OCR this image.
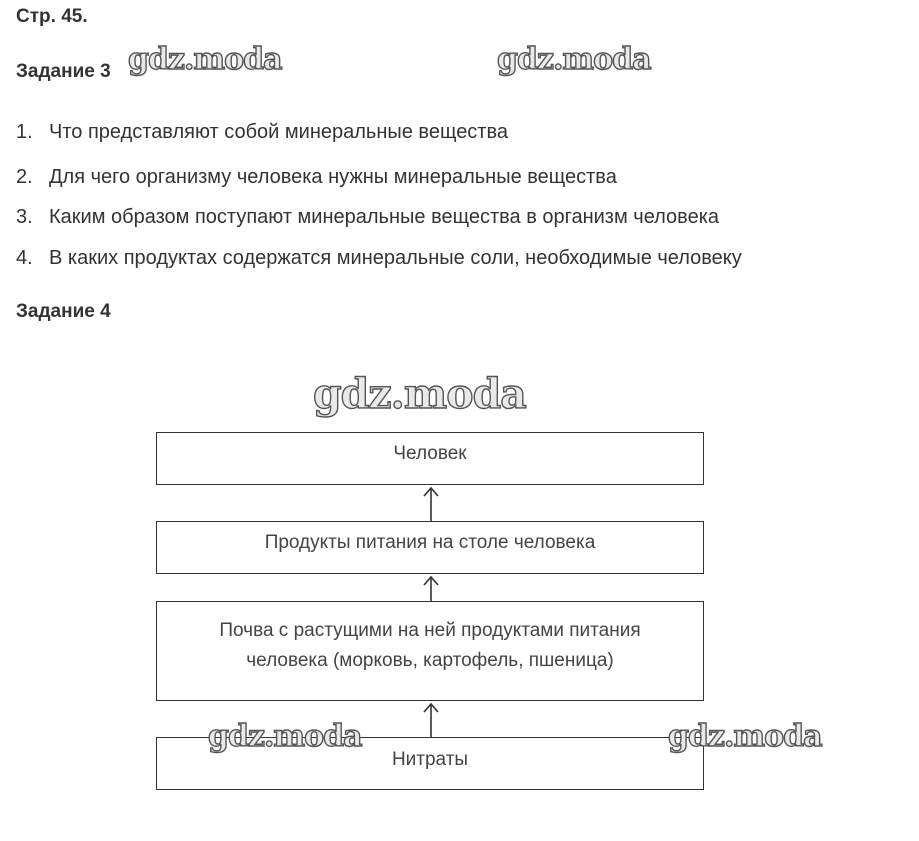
Стр. 45.
Задание 3
1. Что представляют собой минеральные вещества
2. Для чего организму человека нужны минеральные вещества
3. Каким образом поступают минеральные вещества в организм человека
4. В каких продуктах содержатся минеральные соли, необходимые человеку
Задание 4
Человек
Продукты питания на столе человека
Почва с растущими на ней продуктами питания
человека (морковь, картофель, пшеница)
Нитраты
gdz.moda	gdz.moda
gdz.moda
gdz.moda	gdz.moda
